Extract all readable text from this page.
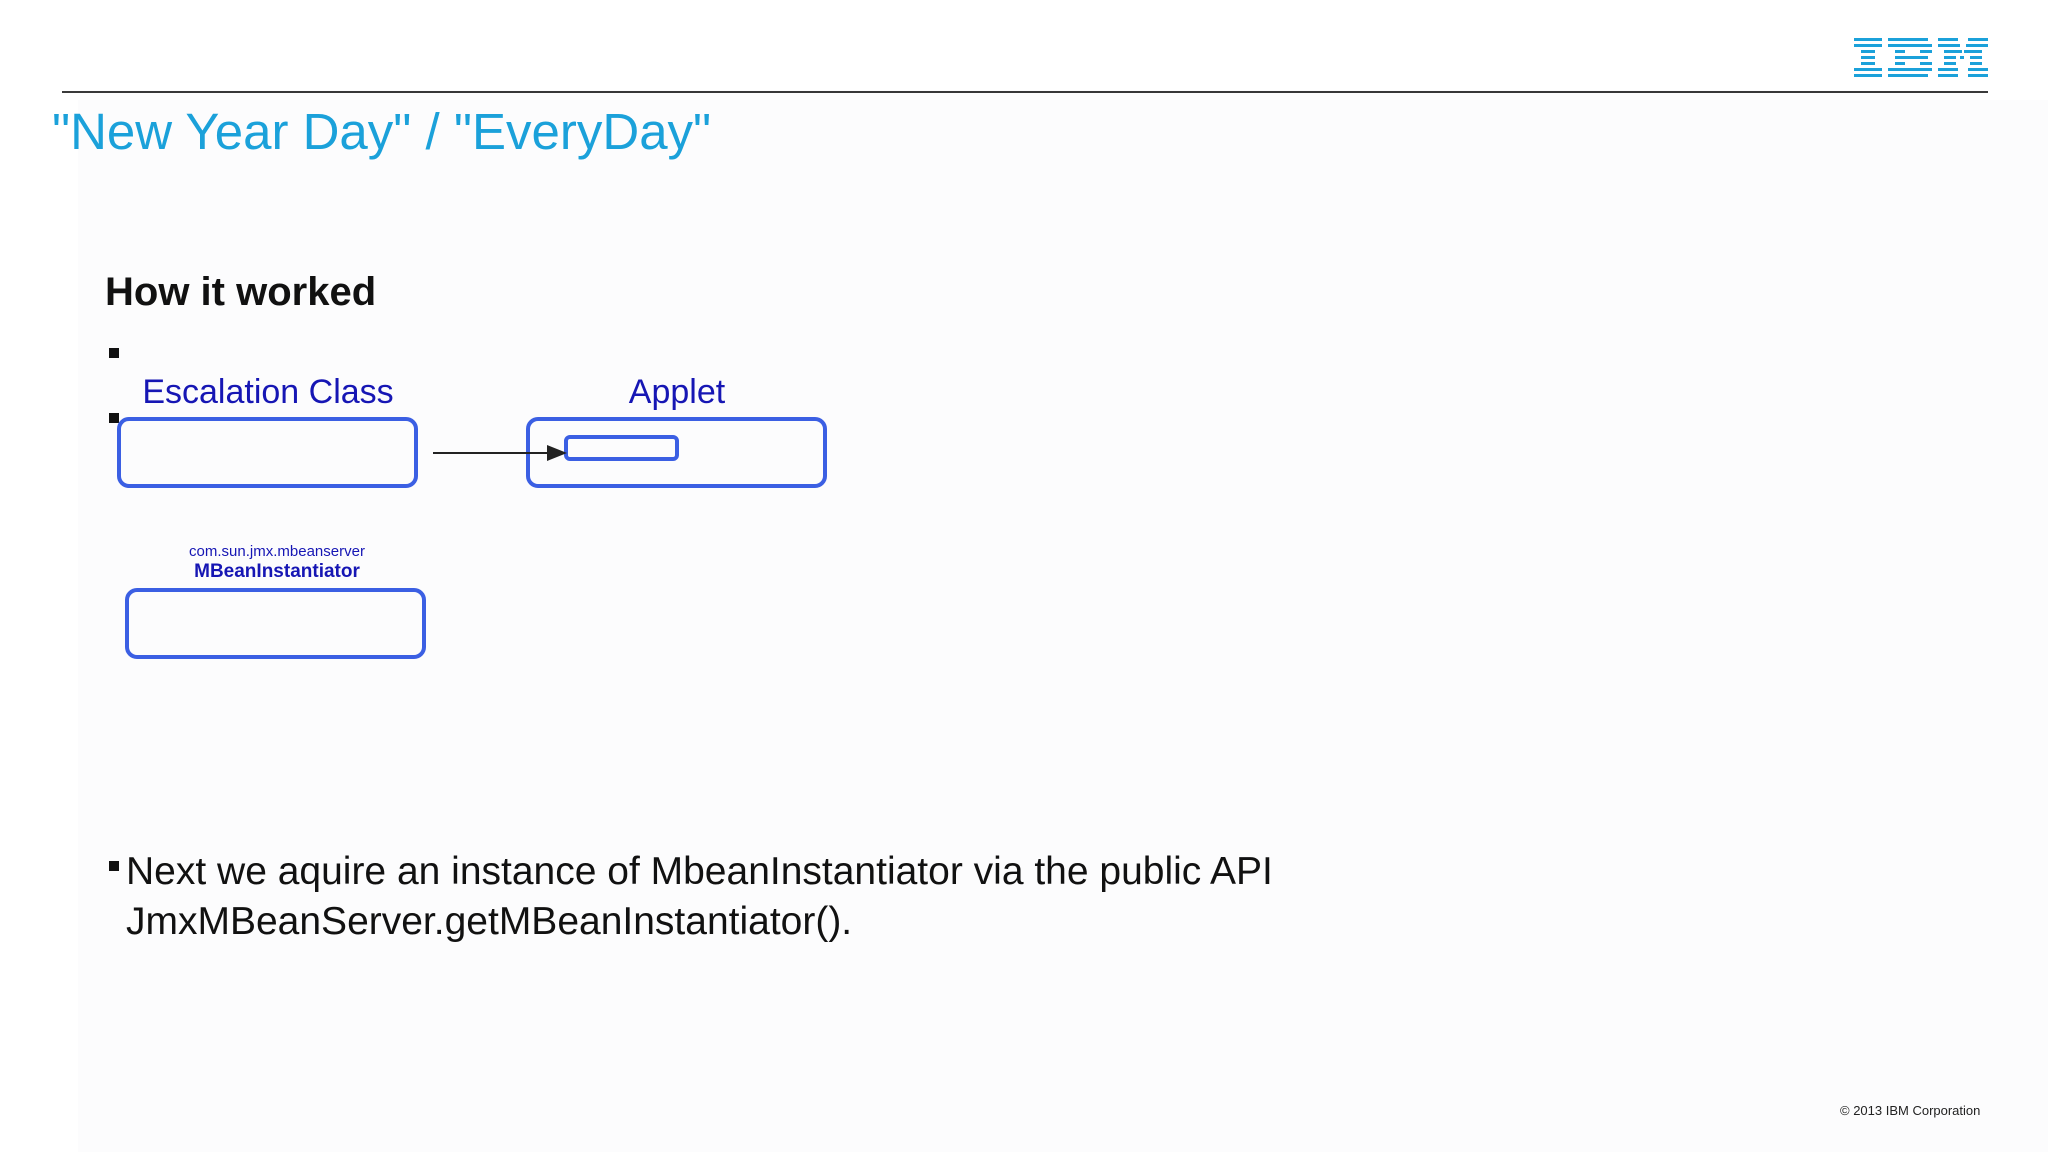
"New Year Day" / "EveryDay"
How it worked
Escalation Class	Applet
com.sun.jmx.mbeanserver
MBeanInstantiator
Next we aquire an instance of MbeanInstantiator via the public API JmxMBeanServer.getMBeanInstantiator().
© 2013 IBM Corporation
